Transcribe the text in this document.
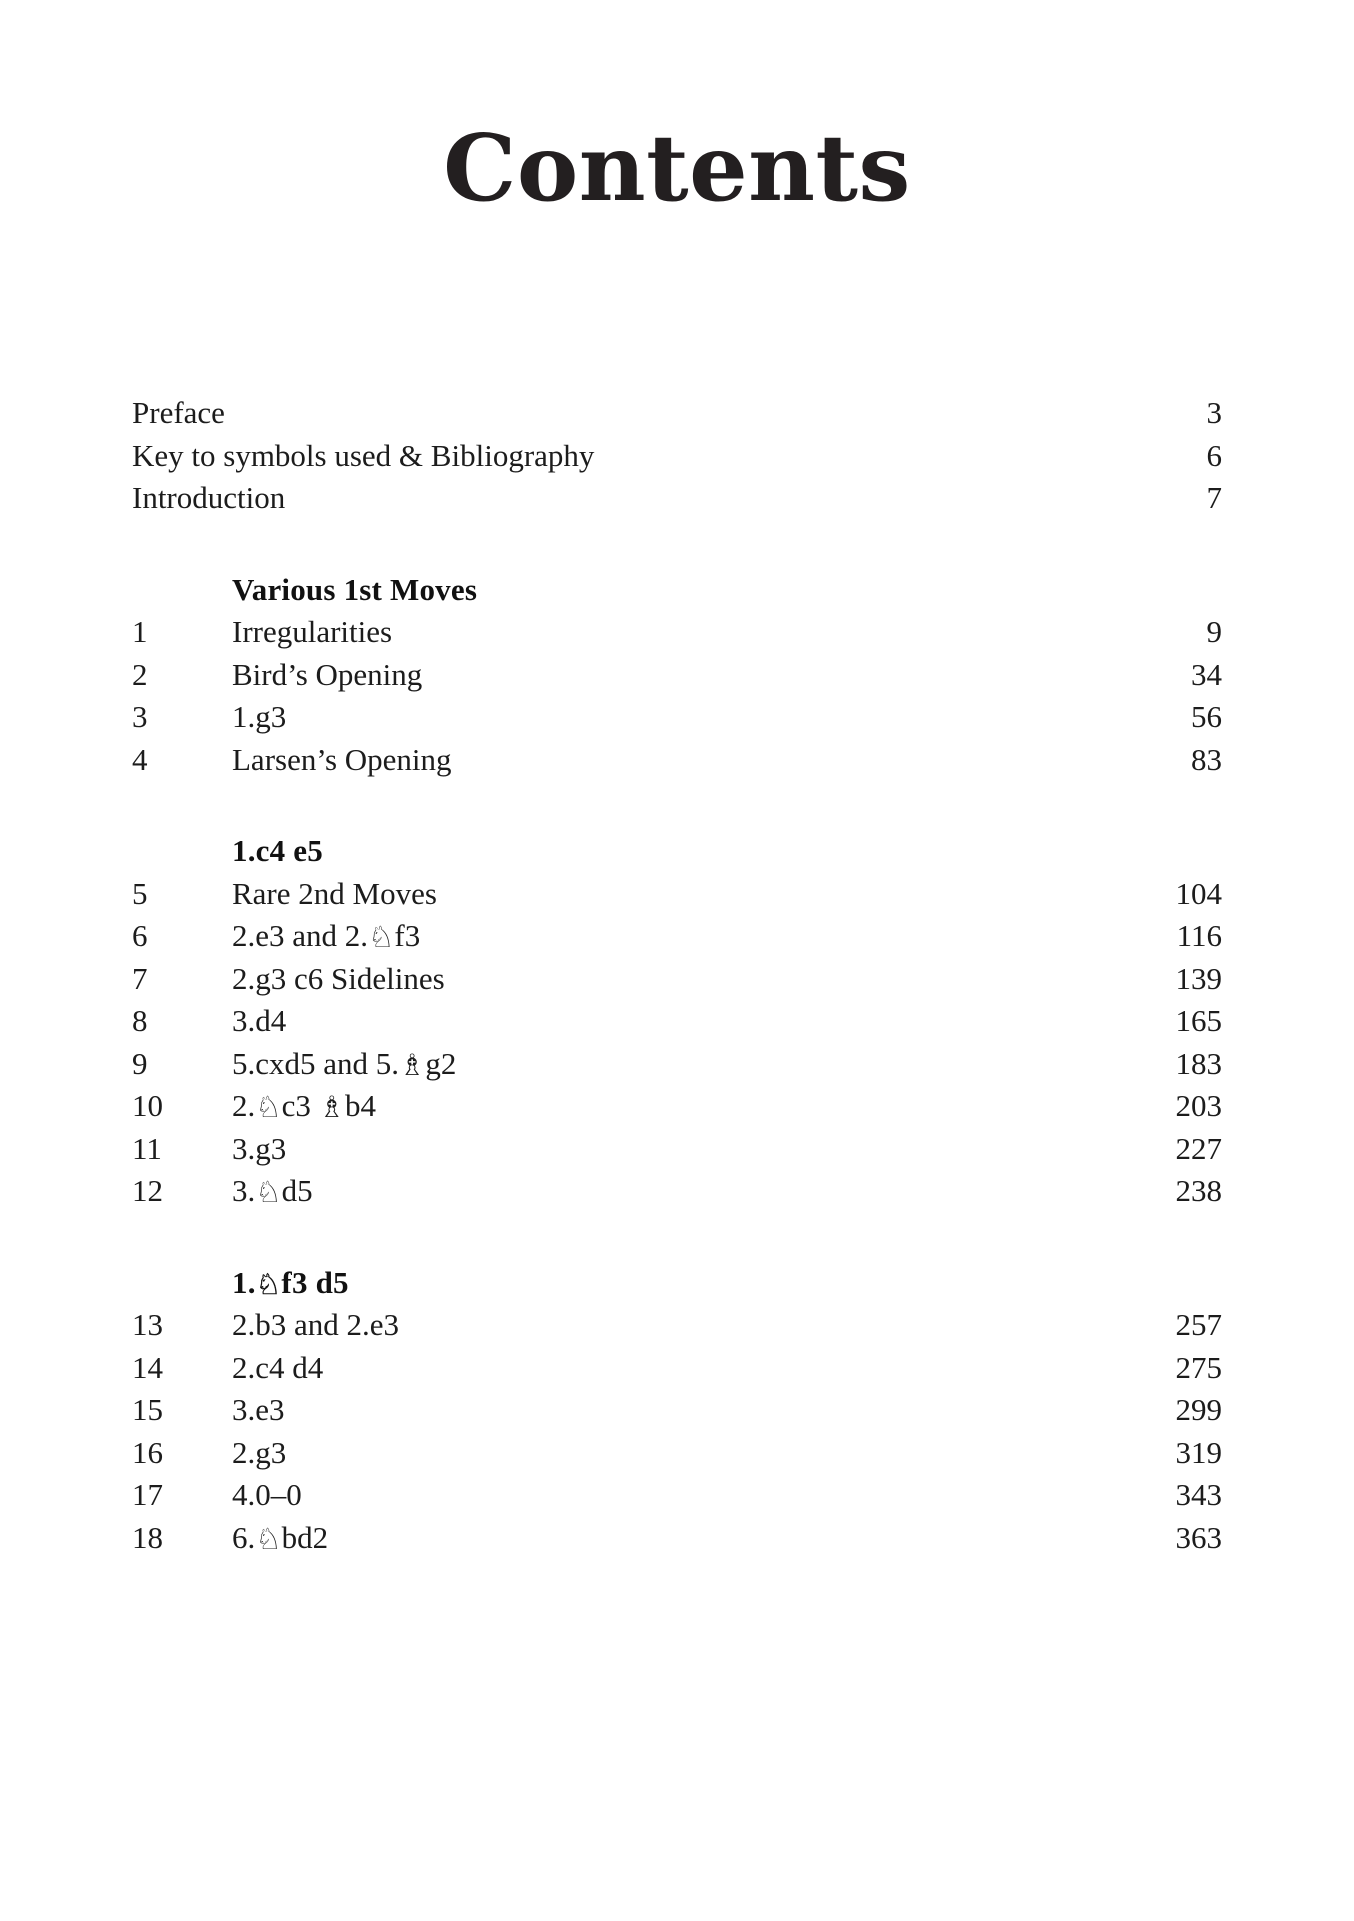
Contents
Preface	3
Key to symbols used & Bibliography	6
Introduction	7
Various 1st Moves
1	Irregularities	9
2	Bird’s Opening	34
3	1.g3	56
4	Larsen’s Opening	83
1.c4 e5
5	Rare 2nd Moves	104
6	2.e3 and 2.♘f3	116
7	2.g3 c6 Sidelines	139
8	3.d4	165
9	5.cxd5 and 5.♗g2	183
10	2.♘c3 ♗b4	203
11	3.g3	227
12	3.♘d5	238
1.♘f3 d5
13	2.b3 and 2.e3	257
14	2.c4 d4	275
15	3.e3	299
16	2.g3	319
17	4.0–0	343
18	6.♘bd2	363
